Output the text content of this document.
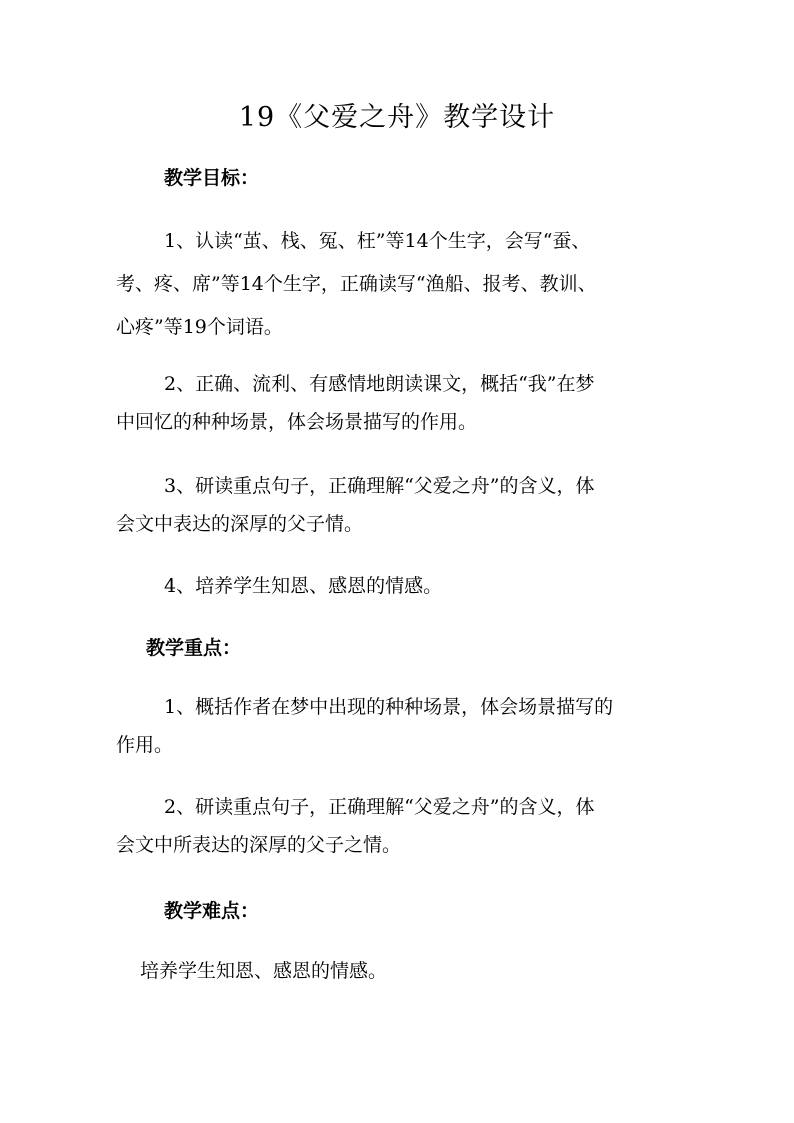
19《父爱之舟》教学设计
教学目标：
1、认读“茧、栈、冤、枉”等14个生字，会写“蚕、
考、疼、席”等14个生字，正确读写“渔船、报考、教训、
心疼”等19个词语。
2、正确、流利、有感情地朗读课文，概括“我”在梦
中回忆的种种场景，体会场景描写的作用。
3、研读重点句子，正确理解“父爱之舟”的含义，体
会文中表达的深厚的父子情。
4、培养学生知恩、感恩的情感。
教学重点：
1、概括作者在梦中出现的种种场景，体会场景描写的
作用。
2、研读重点句子，正确理解“父爱之舟”的含义，体
会文中所表达的深厚的父子之情。
教学难点：
培养学生知恩、感恩的情感。
